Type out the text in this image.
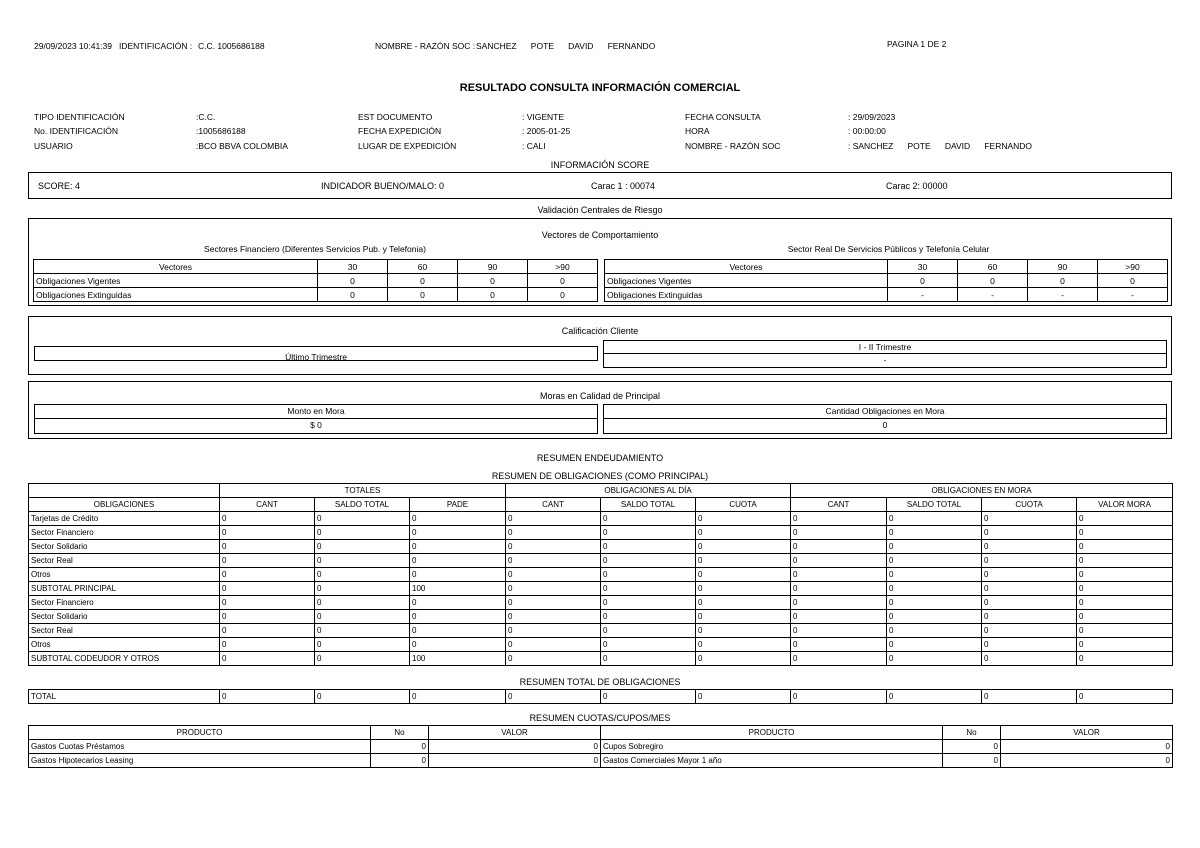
29/09/2023 10:41:39 IDENTIFICACIÓN : C.C. 1005686188	NOMBRE - RAZÓN SOC : SANCHEZ      POTE      DAVID      FERNANDO	PAGINA 1 DE 2
RESULTADO CONSULTA INFORMACIÓN COMERCIAL
TIPO IDENTIFICACIÓN	:C.C.
No. IDENTIFICACIÓN	:1005686188
USUARIO	:BCO BBVA COLOMBIA
EST DOCUMENTO	: VIGENTE
FECHA EXPEDICIÓN	: 2005-01-25
LUGAR DE EXPEDICIÓN	: CALI
FECHA CONSULTA	: 29/09/2023
HORA	: 00:00:00
NOMBRE - RAZÓN SOC	: SANCHEZ      POTE      DAVID      FERNANDO
INFORMACIÓN SCORE
SCORE: 4	INDICADOR BUENO/MALO: 0	Carac 1 : 00074	Carac 2: 00000
Validación Centrales de Riesgo
Vectores de Comportamiento
Sectores Financiero (Diferentes Servicios Pub. y Telefonia)	Sector Real De Servicios Públicos y Telefonía Celular
Vectores	30	60	90	>90
Obligaciones Vigentes	0	0	0	0
Obligaciones Extinguidas	0	0	0	0
Vectores	30	60	90	>90
Obligaciones Vigentes	0	0	0	0
Obligaciones Extinguidas	-	-	-	-
Calificación Cliente
Último Trimestre
I - II Trimestre
-
Moras en Calidad de Principal
Monto en Mora
$ 0
Cantidad Obligaciones en Mora
0
RESUMEN ENDEUDAMIENTO
RESUMEN DE OBLIGACIONES (COMO PRINCIPAL)
	TOTALES			OBLIGACIONES AL DÍA			OBLIGACIONES EN MORA			
OBLIGACIONES	CANT	SALDO TOTAL	PADE	CANT	SALDO TOTAL	CUOTA	CANT	SALDO TOTAL	CUOTA	VALOR MORA
Tarjetas de Crédito	0	0	0	0	0	0	0	0	0	0
Sector Financiero	0	0	0	0	0	0	0	0	0	0
Sector Solidario	0	0	0	0	0	0	0	0	0	0
Sector Real	0	0	0	0	0	0	0	0	0	0
Otros	0	0	0	0	0	0	0	0	0	0
SUBTOTAL PRINCIPAL	0	0	100	0	0	0	0	0	0	0
Sector Financiero	0	0	0	0	0	0	0	0	0	0
Sector Solidario	0	0	0	0	0	0	0	0	0	0
Sector Real	0	0	0	0	0	0	0	0	0	0
Otros	0	0	0	0	0	0	0	0	0	0
SUBTOTAL CODEUDOR Y OTROS	0	0	100	0	0	0	0	0	0	0
RESUMEN TOTAL DE OBLIGACIONES
TOTAL	0	0	0	0	0	0	0	0	0	0
RESUMEN CUOTAS/CUPOS/MES
PRODUCTO	No	VALOR	PRODUCTO	No	VALOR
Gastos Cuotas Préstamos	0	0	Cupos Sobregiro	0	0
Gastos Hipotecarios Leasing	0	0	Gastos Comerciales Mayor 1 año	0	0
